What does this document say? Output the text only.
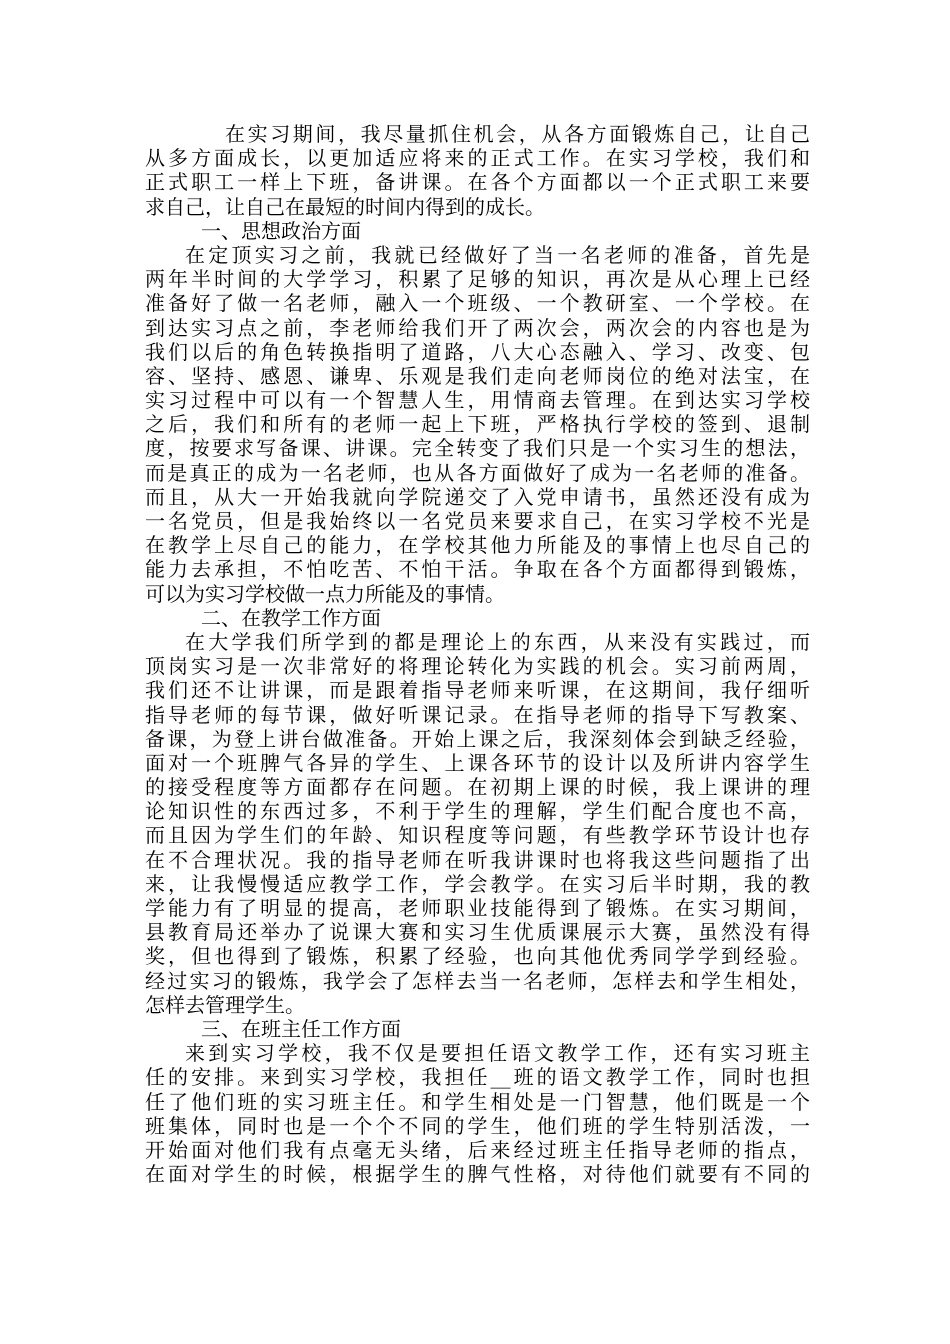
在实习期间，我尽量抓住机会，从各方面锻炼自己，让自己
从多方面成长，以更加适应将来的正式工作。在实习学校，我们和
正式职工一样上下班，备讲课。在各个方面都以一个正式职工来要
求自己，让自己在最短的时间内得到的成长。
一、思想政治方面
在定顶实习之前，我就已经做好了当一名老师的准备，首先是
两年半时间的大学学习，积累了足够的知识，再次是从心理上已经
准备好了做一名老师，融入一个班级、一个教研室、一个学校。在
到达实习点之前，李老师给我们开了两次会，两次会的内容也是为
我们以后的角色转换指明了道路，八大心态融入、学习、改变、包
容、坚持、感恩、谦卑、乐观是我们走向老师岗位的绝对法宝，在
实习过程中可以有一个智慧人生，用情商去管理。在到达实习学校
之后，我们和所有的老师一起上下班，严格执行学校的签到、退制
度，按要求写备课、讲课。完全转变了我们只是一个实习生的想法，
而是真正的成为一名老师，也从各方面做好了成为一名老师的准备。
而且，从大一开始我就向学院递交了入党申请书，虽然还没有成为
一名党员，但是我始终以一名党员来要求自己，在实习学校不光是
在教学上尽自己的能力，在学校其他力所能及的事情上也尽自己的
能力去承担，不怕吃苦、不怕干活。争取在各个方面都得到锻炼，
可以为实习学校做一点力所能及的事情。
二、在教学工作方面
在大学我们所学到的都是理论上的东西，从来没有实践过，而
顶岗实习是一次非常好的将理论转化为实践的机会。实习前两周，
我们还不让讲课，而是跟着指导老师来听课，在这期间，我仔细听
指导老师的每节课，做好听课记录。在指导老师的指导下写教案、
备课，为登上讲台做准备。开始上课之后，我深刻体会到缺乏经验，
面对一个班脾气各异的学生、上课各环节的设计以及所讲内容学生
的接受程度等方面都存在问题。在初期上课的时候，我上课讲的理
论知识性的东西过多，不利于学生的理解，学生们配合度也不高，
而且因为学生们的年龄、知识程度等问题，有些教学环节设计也存
在不合理状况。我的指导老师在听我讲课时也将我这些问题指了出
来，让我慢慢适应教学工作，学会教学。在实习后半时期，我的教
学能力有了明显的提高，老师职业技能得到了锻炼。在实习期间，
县教育局还举办了说课大赛和实习生优质课展示大赛，虽然没有得
奖，但也得到了锻炼，积累了经验，也向其他优秀同学学到经验。
经过实习的锻炼，我学会了怎样去当一名老师，怎样去和学生相处，
怎样去管理学生。
三、在班主任工作方面
来到实习学校，我不仅是要担任语文教学工作，还有实习班主
任的安排。来到实习学校，我担任__班的语文教学工作，同时也担
任了他们班的实习班主任。和学生相处是一门智慧，他们既是一个
班集体，同时也是一个个不同的学生，他们班的学生特别活泼，一
开始面对他们我有点毫无头绪，后来经过班主任指导老师的指点，
在面对学生的时候，根据学生的脾气性格，对待他们就要有不同的
